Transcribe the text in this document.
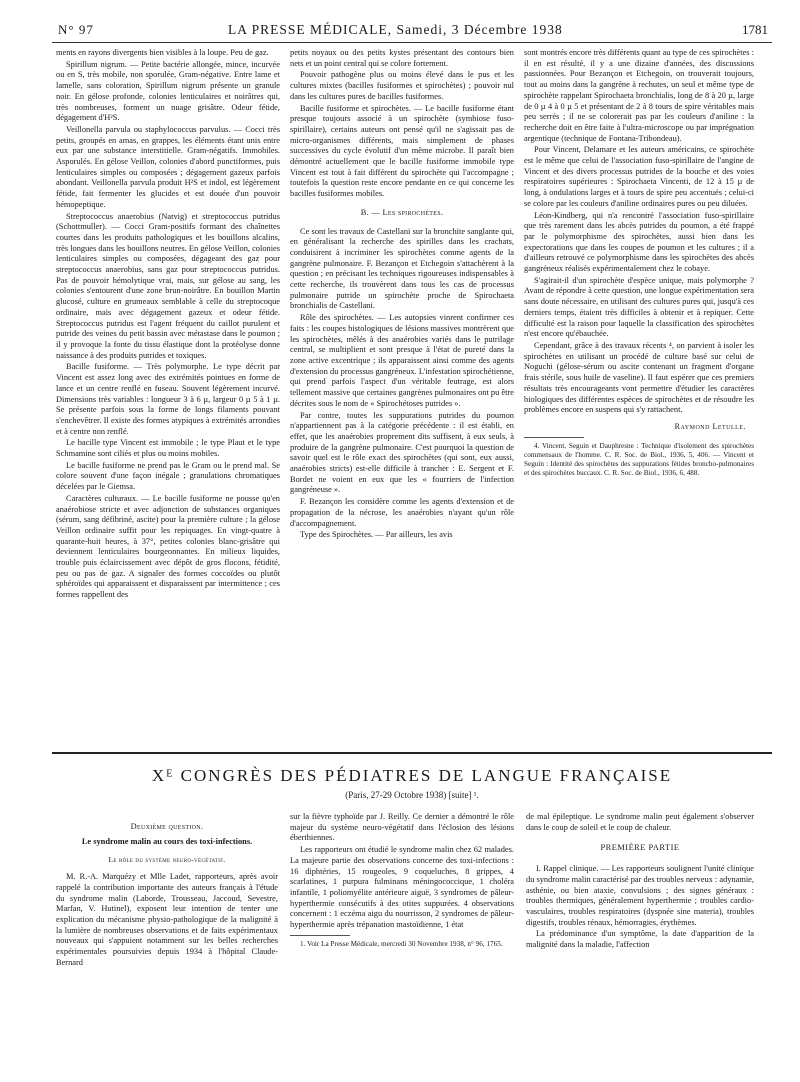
N° 97	LA PRESSE MÉDICALE, Samedi, 3 Décembre 1938	1781

ments en rayons divergents bien visibles à la loupe. Peu de gaz.

Spirillum nigrum. — Petite bactérie allongée, mince, incurvée ou en S, très mobile, non sporulée, Gram-négative. Entre lame et lamelle, sans coloration, Spirillum nigrum présente un granule noir. En gélose profonde, colonies lenticulaires et noirâtres qui, très nombreuses, forment un nuage grisâtre. Odeur fétide, dégagement d'H²S.

Veillonella parvula ou staphylococcus parvulus. — Cocci très petits, groupés en amas, en grappes, les éléments étant unis entre eux par une substance interstitielle. Gram-négatifs. Immobiles. Asporulés. En gélose Veillon, colonies d'abord punctiformes, puis lenticulaires simples ou composées ; dégagement gazeux parfois abondant. Veillonella parvula produit H²S et indol, est légèrement fétide, fait fermenter les glucides et est douée d'un pouvoir hémopeptique.

Streptococcus anaerobius (Natvig) et streptococcus putridus (Schottmuller). — Cocci Gram-positifs formant des chaînettes courtes dans les produits pathologiques et les bouillons alcalins, très longues dans les bouillons neutres. En gélose Veillon, colonies lenticulaires simples ou composées, dégageant des gaz pour streptococcus anaerobius, sans gaz pour streptococcus putridus. Pas de pouvoir hémolytique vrai, mais, sur gélose au sang, les colonies s'entourent d'une zone brun-noirâtre. En bouillon Martin glucosé, culture en grumeaux semblable à celle du streptocoque ordinaire, mais avec dégagement gazeux et odeur fétide. Streptococcus putridus est l'agent fréquent du caillot purulent et putride des veines du petit bassin avec métastase dans le poumon ; il y provoque la fonte du tissu élastique dont la protéolyse donne naissance à des produits putrides et toxiques.

Bacille fusiforme. — Très polymorphe. Le type décrit par Vincent est assez long avec des extrémités pointues en forme de lance et un centre renflé en fuseau. Souvent légèrement incurvé. Dimensions très variables : longueur 3 à 6 µ, largeur 0 µ 5 à 1 µ. Se présente parfois sous la forme de longs filaments pouvant s'enchevêtrer. Il existe des formes atypiques à extrémités arrondies et à centre non renflé.

Le bacille type Vincent est immobile ; le type Plaut et le type Schmamine sont ciliés et plus ou moins mobiles.

Le bacille fusiforme ne prend pas le Gram ou le prend mal. Se colore souvent d'une façon inégale ; granulations chromatiques décelées par le Giemsa.

Caractères culturaux. — Le bacille fusiforme ne pousse qu'en anaérobiose stricte et avec adjonction de substances organiques (sérum, sang défibriné, ascite) pour la première culture ; la gélose Veillon ordinaire suffit pour les repiquages. En vingt-quatre à quarante-huit heures, à 37°, petites colonies blanc-grisâtre qui deviennent lenticulaires bourgeonnantes. En milieux liquides, trouble puis éclaircissement avec dépôt de gros flocons, fétidité, peu ou pas de gaz. A signaler des formes coccoïdes ou plutôt sphéroïdes qui apparaissent et disparaissent par intermittence ; ces formes rappellent des

petits noyaux ou des petits kystes présentant des contours bien nets et un point central qui se colore fortement.

Pouvoir pathogène plus ou moins élevé dans le pus et les cultures mixtes (bacilles fusiformes et spirochètes) ; pouvoir nul dans les cultures pures de bacilles fusiformes.

Bacille fusiforme et spirochètes. — Le bacille fusiforme étant presque toujours associé à un spirochète (symbiose fuso-spirillaire), certains auteurs ont pensé qu'il ne s'agissait pas de micro-organismes différents, mais simplement de phases successives du cycle évolutif d'un même microbe. Il paraît bien démontré actuellement que le bacille fusiforme immobile type Vincent est tout à fait différent du spirochète qui l'accompagne ; toutefois la question reste encore pendante en ce qui concerne les bacilles fusiformes mobiles.

B. — Les spirochètes.

Ce sont les travaux de Castellani sur la bronchite sanglante qui, en généralisant la recherche des spirilles dans les crachats, conduisirent à incriminer les spirochètes comme agents de la gangrène pulmonaire. F. Bezançon et Etchegoin s'attachèrent à la question ; en précisant les techniques rigoureuses indispensables à cette recherche, ils trouvèrent dans tous les cas de processus pulmonaire putride un spirochète proche de Spirochaeta bronchialis de Castellani.

Rôle des spirochètes. — Les autopsies vinrent confirmer ces faits : les coupes histologiques de lésions massives montrèrent que les spirochètes, mêlés à des anaérobies variés dans le putrilage central, se multiplient et sont presque à l'état de pureté dans la zone active excentrique ; ils apparaissent ainsi comme des agents d'extension du processus gangréneux. L'infestation spirochétienne, qui prend parfois l'aspect d'un véritable feutrage, est alors tellement massive que certaines gangrènes pulmonaires ont pu être décrites sous le nom de « Spirochétoses putrides ».

Par contre, toutes les suppurations putrides du poumon n'appartiennent pas à la catégorie précédente : il est établi, en effet, que les anaérobies proprement dits suffisent, à eux seuls, à produire de la gangrène pulmonaire. C'est pourquoi la question de savoir quel est le rôle exact des spirochètes (qui sont, eux aussi, anaérobies stricts) est-elle difficile à trancher : E. Sergent et F. Bordet ne voient en eux que les « fourriers de l'infection gangréneuse ».

F. Bezançon les considère comme les agents d'extension et de propagation de la nécrose, les anaérobies n'ayant qu'un rôle d'accompagnement.

Type des Spirochètes. — Par ailleurs, les avis

sont montrés encore très différents quant au type de ces spirochètes : il en est résulté, il y a une dizaine d'années, des discussions passionnées. Pour Bezançon et Etchegoin, on trouverait toujours, tout au moins dans la gangrène à rechutes, un seul et même type de spirochète rappelant Spirochaeta bronchialis, long de 8 à 20 µ, large de 0 µ 4 à 0 µ 5 et présentant de 2 à 8 tours de spire véritables mais peu serrés ; il ne se colorerait pas par les couleurs d'aniline : la recherche doit en être faite à l'ultra-microscope ou par imprégnation argentique (technique de Fontana-Tribondeau).

Pour Vincent, Delamare et les auteurs américains, ce spirochète est le même que celui de l'association fuso-spirillaire de l'angine de Vincent et des divers processus putrides de la bouche et des voies respiratoires supérieures : Spirochaeta Vincenti, de 12 à 15 µ de long, à ondulations larges et à tours de spire peu accentués ; celui-ci se colore par les couleurs d'aniline ordinaires pures ou peu diluées.

Léon-Kindberg, qui n'a rencontré l'association fuso-spirillaire que très rarement dans les abcès putrides du poumon, a été frappé par le polymorphisme des spirochètes, aussi bien dans les expectorations que dans les coupes de poumon et les cultures ; il a d'ailleurs retrouvé ce polymorphisme dans les spirochètes des abcès gangréneux réalisés expérimentalement chez le cobaye.

S'agirait-il d'un spirochète d'espèce unique, mais polymorphe ? Avant de répondre à cette question, une longue expérimentation sera sans doute nécessaire, en utilisant des cultures pures qui, jusqu'à ces derniers temps, étaient très difficiles à obtenir et à repiquer. Cette difficulté est la raison pour laquelle la classification des spirochètes n'est encore qu'ébauchée.

Cependant, grâce à des travaux récents ⁴, on parvient à isoler les spirochètes en utilisant un procédé de culture basé sur celui de Noguchi (gélose-sérum ou ascite contenant un fragment d'organe frais stérile, sous huile de vaseline). Il faut espérer que ces premiers résultats très encourageants vont permettre d'étudier les caractères biologiques des différentes espèces de spirochètes et de résoudre les problèmes encore en suspens qui s'y rattachent.

Raymond Letulle.

4. Vincent, Seguin et Dauphresne : Technique d'isolement des spirochètes commensaux de l'homme. C. R. Soc. de Biol., 1936, 5, 406. — Vincent et Seguin : Identité des spirochètes des suppurations fétides broncho-pulmonaires et des spirochètes buccaux. C. R. Soc. de Biol., 1936, 6, 488.

Xᴱ CONGRÈS DES PÉDIATRES DE LANGUE FRANÇAISE
(Paris, 27-29 Octobre 1938) [suite] ¹.

Deuxième question.

Le syndrome malin au cours des toxi-infections.

Le rôle du système neuro-végétatif.

M. R.-A. Marquézy et Mlle Ladet, rapporteurs, après avoir rappelé la contribution importante des auteurs français à l'étude du syndrome malin (Laborde, Trousseau, Jaccoud, Sevestre, Marfan, V. Hutinel), exposent leur intention de tenter une explication du mécanisme physio-pathologique de la malignité à la lumière de nombreuses observations et de faits expérimentaux nouveaux qui s'appuient notamment sur les belles recherches expérimentales poursuivies depuis 1934 à l'hôpital Claude-Bernard

sur la fièvre typhoïde par J. Reilly. Ce dernier a démontré le rôle majeur du système neuro-végétatif dans l'éclosion des lésions éberthiennes.

Les rapporteurs ont étudié le syndrome malin chez 62 malades. La majeure partie des observations concerne des toxi-infections : 16 diphtéries, 15 rougeoles, 9 coqueluches, 8 grippes, 4 scarlatines, 1 purpura fulminans méningococcique, 1 choléra infantile, 1 poliomyélite antérieure aiguë, 3 syndromes de pâleur-hyperthermie consécutifs à des otites suppurées. 4 observations concernent : 1 eczéma aigu du nourrisson, 2 syndromes de pâleur-hyperthermie après trépanation mastoïdienne, 1 état

1. Voir La Presse Médicale, mercredi 30 Novembre 1938, n° 96, 1765.

de mal épileptique. Le syndrome malin peut également s'observer dans le coup de soleil et le coup de chaleur.

PREMIÈRE PARTIE

I. Rappel clinique. — Les rapporteurs soulignent l'unité clinique du syndrome malin caractérisé par des troubles nerveux : adynamie, asthénie, ou bien ataxie, convulsions ; des signes généraux : troubles thermiques, généralement hyperthermie ; troubles cardio-vasculaires, troubles respiratoires (dyspnée sine materia), troubles digestifs, troubles rénaux, hémorragies, érythèmes.

La prédominance d'un symptôme, la date d'apparition de la malignité dans la maladie, l'affection
